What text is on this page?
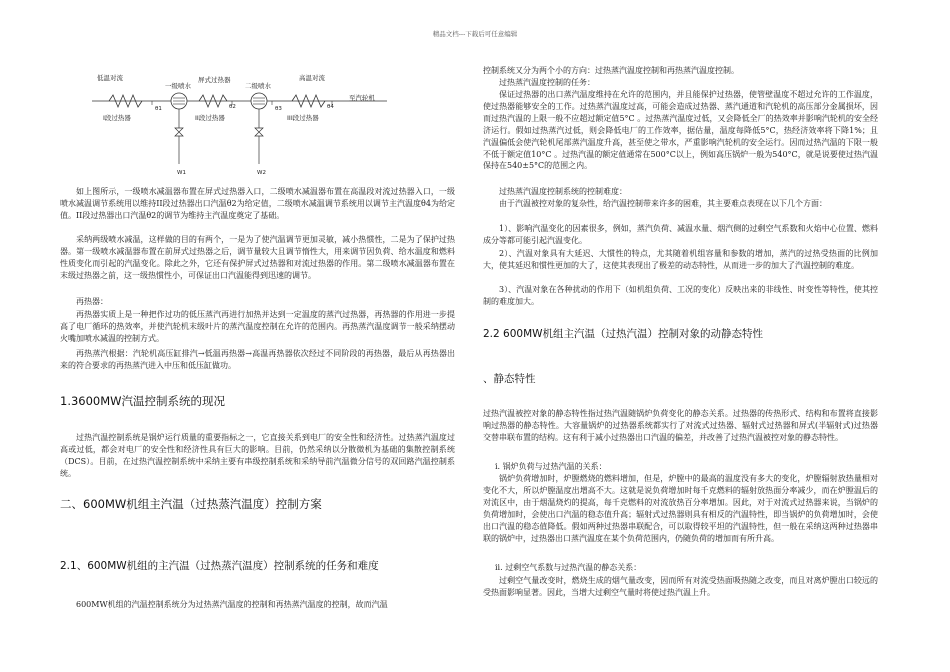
精品文档---下载后可任意编辑
低温对流
一级喷水
屏式过热器
二级喷水
高温对流
至汽轮机
θ1	θ2	θ3	θ4
I段过热器	II段过热器	III段过热器
W1	W2

如上图所示，一级喷水减温器布置在屏式过热器入口，二级喷水减温器布置在高温段对流过热器入口，一级喷水减温调节系统用以维持II段过热器出口汽温θ2为给定值，二级喷水减温调节系统用以调节主汽温度θ4为给定值。II段过热器出口汽温θ2的调节为维持主汽温度奠定了基础。

采纳两级喷水减温，这样做的目的有两个，一是为了使汽温调节更加灵敏，减小热惯性，二是为了保护过热器。第一级喷水减温器布置在前屏式过热器之后，调节量较大且调节惰性大，用来调节因负荷、给水温度和燃料性质变化而引起的汽温变化。除此之外，它还有保护屏式过热器和对流过热器的作用。第二级喷水减温器布置在末级过热器之前，这一级热惯性小，可保证出口汽温能得到迅速的调节。

再热器：

再热器实质上是一种把作过功的低压蒸汽再进行加热并达到一定温度的蒸汽过热器，再热器的作用进一步提高了电厂循环的热效率，并使汽轮机末级叶片的蒸汽温度控制在允许的范围内。再热蒸汽温度调节一般采纳摆动火嘴加喷水减温的控制方式。

再热蒸汽根据：汽轮机高压缸排汽→低温再热器→高温再热器依次经过不同阶段的再热器，最后从再热器出来的符合要求的再热蒸汽进入中压和低压缸做功。

1.3600MW汽温控制系统的现况

过热汽温控制系统是锅炉运行质量的重要指标之一，它直接关系到电厂的安全性和经济性。过热蒸汽温度过高或过低，都会对电厂的安全性和经济性具有巨大的影响。目前，仍然采纳以分散微机为基础的集散控制系统（DCS）。目前，在过热汽温控制系统中采纳主要有串级控制系统和采纳导前汽温微分信号的双回路汽温控制系统。

二、600MW机组主汽温（过热蒸汽温度）控制方案
2.1、600MW机组的主汽温（过热蒸汽温度）控制系统的任务和难度

600MW机组的汽温控制系统分为过热蒸汽温度的控制和再热蒸汽温度的控制，故而汽温

控制系统又分为两个小的方向：过热蒸汽温度控制和再热蒸汽温度控制。

过热蒸汽温度控制的任务：

保证过热器的出口蒸汽温度维持在允许的范围内，并且能保护过热器，使管壁温度不超过允许的工作温度，使过热器能够安全的工作。过热蒸汽温度过高，可能会造成过热器、蒸汽通道和汽轮机的高压部分金属损坏，因而过热汽温的上限一般不应超过额定值5°C 。过热蒸汽温度过低，又会降低全厂的热效率并影响汽轮机的安全经济运行。假如过热蒸汽过低，则会降低电厂的工作效率，据估量，温度每降低5°C，热经济效率将下降1%；且汽温偏低会使汽轮机尾部蒸汽温度升高，甚至使之带水，严重影响汽轮机的安全运行。因而过热汽温的下限一般不低于额定值10°C 。过热汽温的额定值通常在500°C以上，例如高压锅炉一般为540°C，就是说要使过热汽温保持在540±5°C的范围之内。

过热蒸汽温度控制系统的控制难度：

由于汽温被控对象的复杂性，给汽温控制带来许多的困难，其主要难点表现在以下几个方面：

1）、影响汽温变化的因素很多，例如，蒸汽负荷、减温水量、烟汽侧的过剩空气系数和火焰中心位置、燃料成分等都可能引起汽温变化。

2）、汽温对象具有大延迟、大惯性的特点，尤其随着机组容量和参数的增加，蒸汽的过热受热面的比例加大，使其延迟和惯性更加的大了，这使其表现出了极差的动态特性，从而进一步的加大了汽温控制的难度。

3）、汽温对象在各种扰动的作用下（如机组负荷、工况的变化）反映出来的非线性、时变性等特性，使其控制的难度加大。

2.2 600MW机组主汽温（过热汽温）控制对象的动静态特性
、静态特性

过热汽温被控对象的静态特性指过热汽温随锅炉负荷变化的静态关系。过热器的传热形式、结构和布置将直接影响过热器的静态特性。大容量锅炉的过热器系统都实行了对流式过热器、辐射式过热器和屏式(半辐射式)过热器交替串联布置的结构。这有利于减小过热器出口汽温的偏差，并改善了过热汽温被控对象的静态特性。

i. 锅炉负荷与过热汽温的关系：

锅炉负荷增加时，炉膛燃烧的燃料增加，但是，炉膛中的最高的温度没有多大的变化，炉膛辐射放热量相对变化不大，所以炉膛温度出增高不大。这就是说负荷增加时每千克燃料的辐射放热面分率减少，而在炉膛温后的对流区中，由于烟温烧灼的提高，每千克燃料的对流放热百分率增加。因此，对于对流式过热器来说，当锅炉的负荷增加时，会使出口汽温的稳态值升高；辐射式过热器则具有相反的汽温特性，即当锅炉的负荷增加时，会使出口汽温的稳态值降低。假如两种过热器串联配合，可以取得较平坦的汽温特性，但一般在采纳这两种过热器串联的锅炉中，过热器出口蒸汽温度在某个负荷范围内，仍随负荷的增加而有所升高。

ii. 过剩空气系数与过热汽温的静态关系：

过剩空气量改变时，燃烧生成的烟气量改变，因而所有对流受热面吸热随之改变，而且对离炉膛出口较远的受热面影响显著。因此，当增大过剩空气量时将使过热汽温上升。
